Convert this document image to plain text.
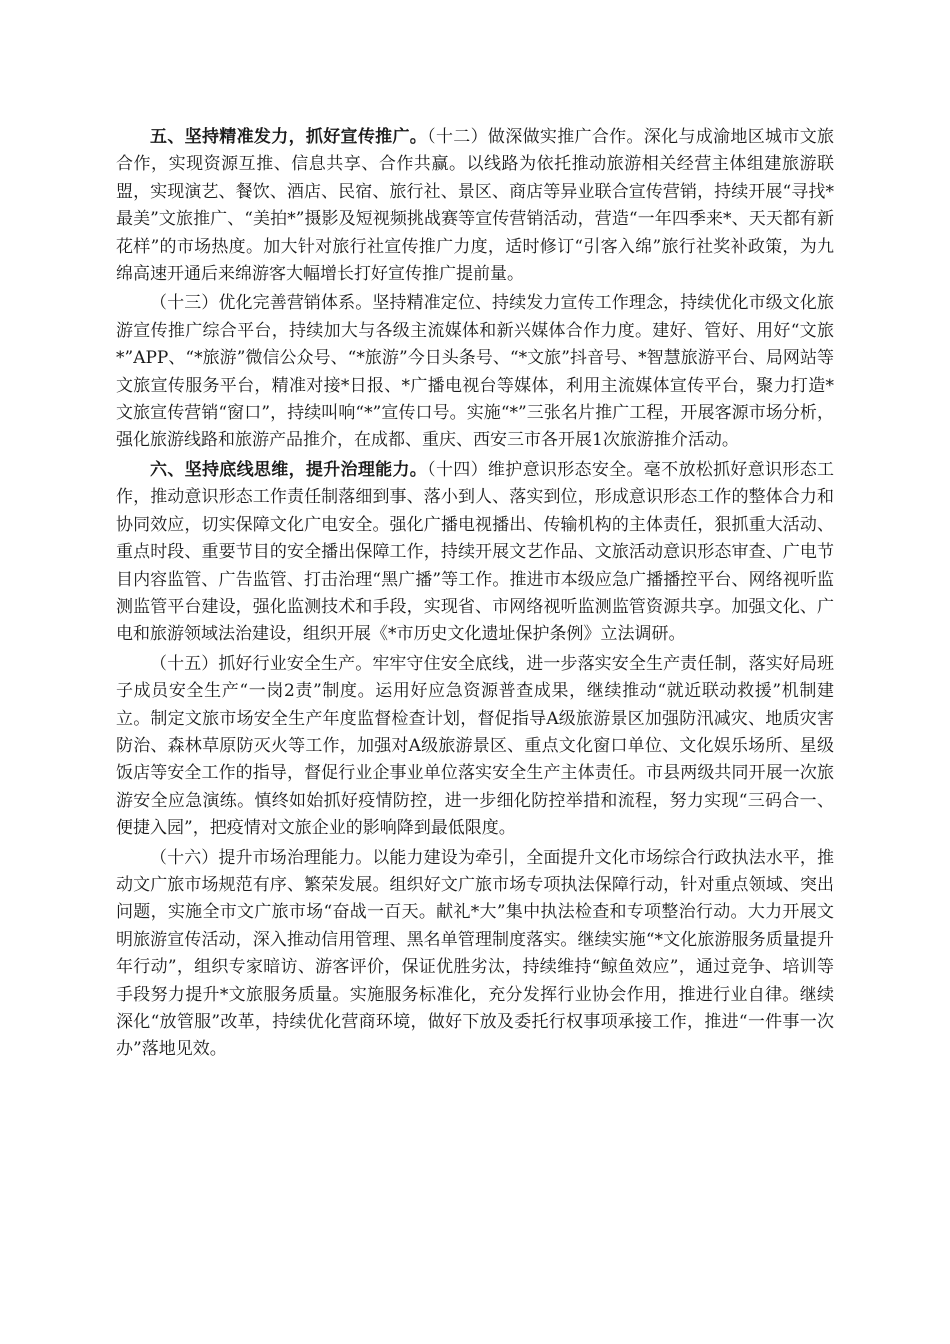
五、坚持精准发力，抓好宣传推广。（十二）做深做实推广合作。深化与成渝地区城市文旅合作，实现资源互推、信息共享、合作共赢。以线路为依托推动旅游相关经营主体组建旅游联盟，实现演艺、餐饮、酒店、民宿、旅行社、景区、商店等异业联合宣传营销，持续开展“寻找*最美”文旅推广、“美拍*”摄影及短视频挑战赛等宣传营销活动，营造“一年四季来*、天天都有新花样”的市场热度。加大针对旅行社宣传推广力度，适时修订“引客入绵”旅行社奖补政策，为九绵高速开通后来绵游客大幅增长打好宣传推广提前量。

（十三）优化完善营销体系。坚持精准定位、持续发力宣传工作理念，持续优化市级文化旅游宣传推广综合平台，持续加大与各级主流媒体和新兴媒体合作力度。建好、管好、用好“文旅*”APP、“*旅游”微信公众号、“*旅游”今日头条号、“*文旅”抖音号、*智慧旅游平台、局网站等文旅宣传服务平台，精准对接*日报、*广播电视台等媒体，利用主流媒体宣传平台，聚力打造*文旅宣传营销“窗口”，持续叫响“*”宣传口号。实施“*”三张名片推广工程，开展客源市场分析，强化旅游线路和旅游产品推介，在成都、重庆、西安三市各开展1次旅游推介活动。

六、坚持底线思维，提升治理能力。（十四）维护意识形态安全。毫不放松抓好意识形态工作，推动意识形态工作责任制落细到事、落小到人、落实到位，形成意识形态工作的整体合力和协同效应，切实保障文化广电安全。强化广播电视播出、传输机构的主体责任，狠抓重大活动、重点时段、重要节目的安全播出保障工作，持续开展文艺作品、文旅活动意识形态审查、广电节目内容监管、广告监管、打击治理“黑广播”等工作。推进市本级应急广播播控平台、网络视听监测监管平台建设，强化监测技术和手段，实现省、市网络视听监测监管资源共享。加强文化、广电和旅游领域法治建设，组织开展《*市历史文化遗址保护条例》立法调研。

（十五）抓好行业安全生产。牢牢守住安全底线，进一步落实安全生产责任制，落实好局班子成员安全生产“一岗2责”制度。运用好应急资源普查成果，继续推动“就近联动救援”机制建立。制定文旅市场安全生产年度监督检查计划，督促指导A级旅游景区加强防汛减灾、地质灾害防治、森林草原防灭火等工作，加强对A级旅游景区、重点文化窗口单位、文化娱乐场所、星级饭店等安全工作的指导，督促行业企事业单位落实安全生产主体责任。市县两级共同开展一次旅游安全应急演练。慎终如始抓好疫情防控，进一步细化防控举措和流程，努力实现“三码合一、便捷入园”，把疫情对文旅企业的影响降到最低限度。

（十六）提升市场治理能力。以能力建设为牵引，全面提升文化市场综合行政执法水平，推动文广旅市场规范有序、繁荣发展。组织好文广旅市场专项执法保障行动，针对重点领域、突出问题，实施全市文广旅市场“奋战一百天。献礼*大”集中执法检查和专项整治行动。大力开展文明旅游宣传活动，深入推动信用管理、黑名单管理制度落实。继续实施“*文化旅游服务质量提升年行动”，组织专家暗访、游客评价，保证优胜劣汰，持续维持“鲸鱼效应”，通过竞争、培训等手段努力提升*文旅服务质量。实施服务标准化，充分发挥行业协会作用，推进行业自律。继续深化“放管服”改革，持续优化营商环境，做好下放及委托行权事项承接工作，推进“一件事一次办”落地见效。
